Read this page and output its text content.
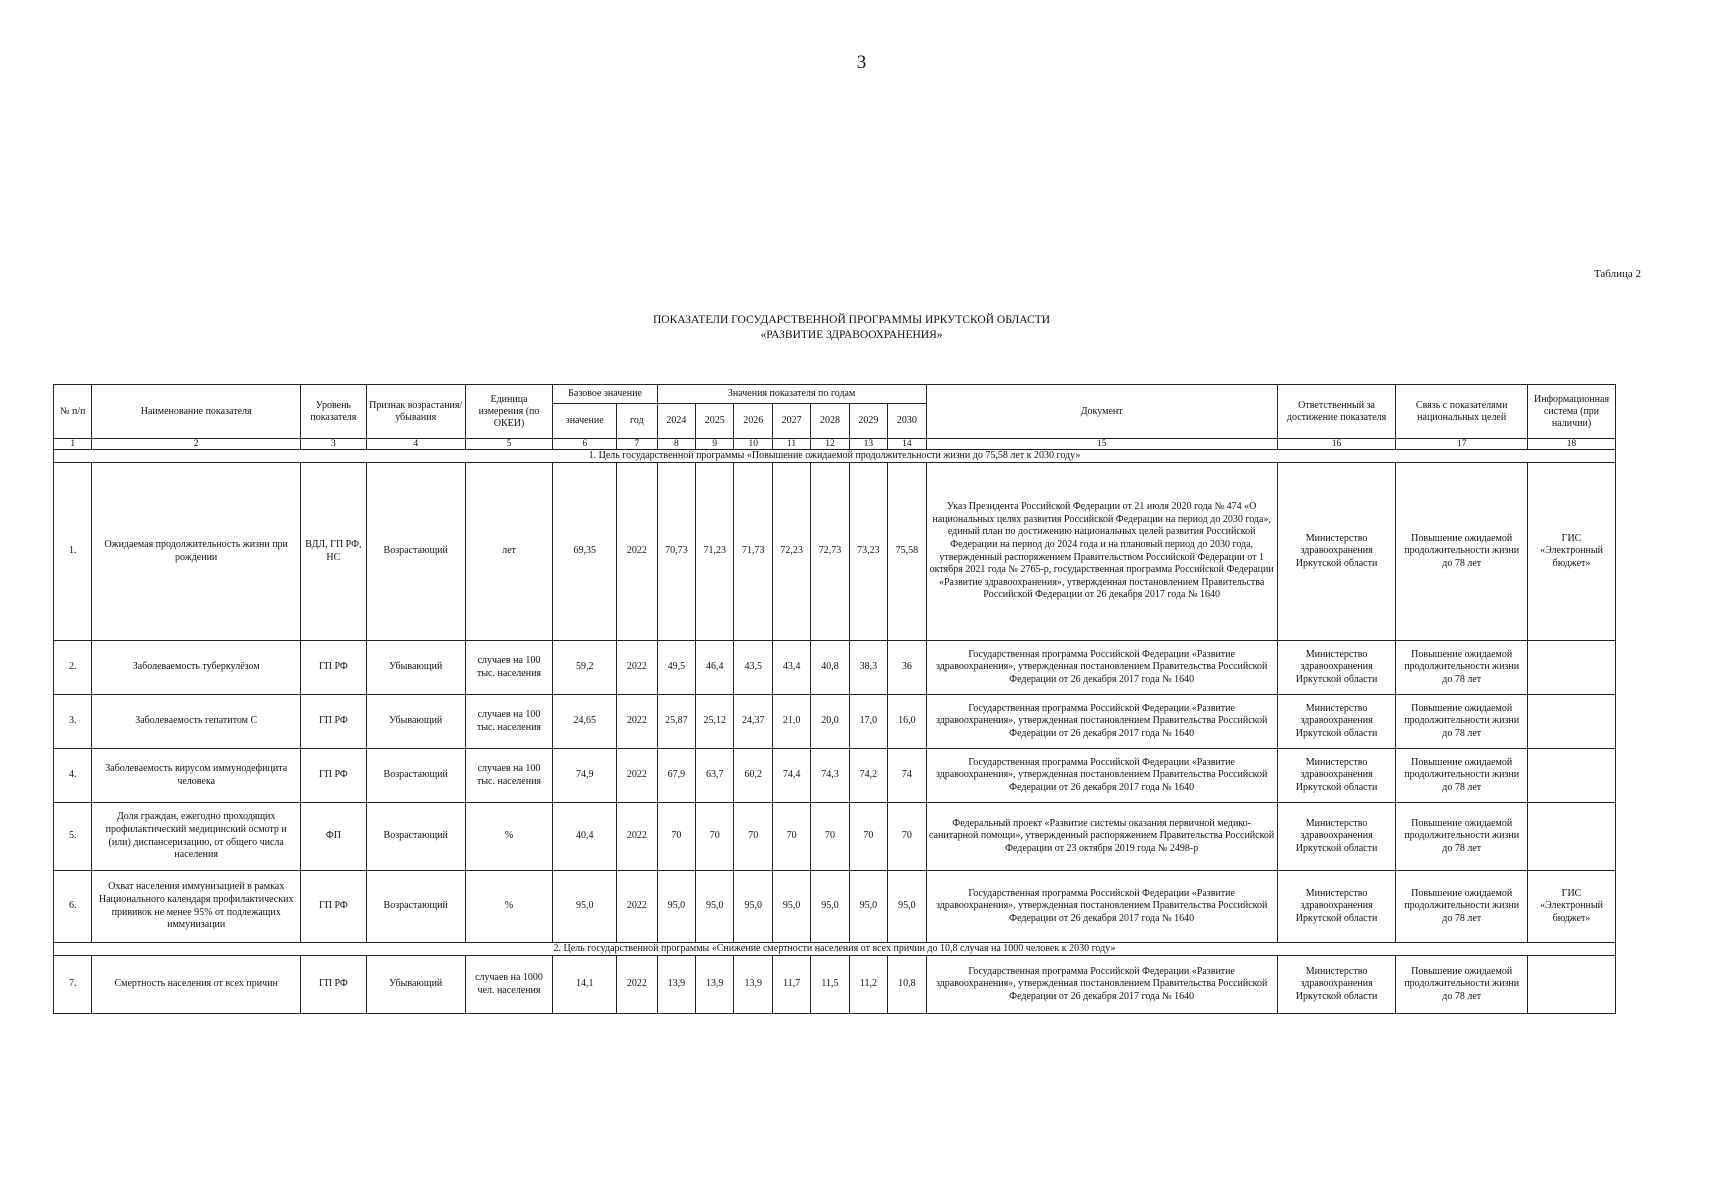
3
Таблица 2
ПОКАЗАТЕЛИ ГОСУДАРСТВЕННОЙ ПРОГРАММЫ ИРКУТСКОЙ ОБЛАСТИ
«РАЗВИТИЕ ЗДРАВООХРАНЕНИЯ»
№ п/п	Наименование показателя	Уровень показателя	Признак возрастания/ убывания	Единица измерения (по ОКЕИ)	Базовое значение		Значения показателя по годам							Документ	Ответственный за достижение показателя	Связь с показателями национальных целей	Информационная система (при наличии)
					значение	год	2024	2025	2026	2027	2028	2029	2030				
1	2	3	4	5	6	7	8	9	10	11	12	13	14	15	16	17	18
1. Цель государственной программы «Повышение ожидаемой продолжительности жизни до 75,58 лет к 2030 году»																	
1.	Ожидаемая продолжительность жизни при рождении	ВДЛ, ГП РФ, НС	Возрастающий	лет	69,35	2022	70,73	71,23	71,73	72,23	72,73	73,23	75,58	Указ Президента Российской Федерации от 21 июля 2020 года № 474 «О национальных целях развития Российской Федерации на период до 2030 года», единый план по достижению национальных целей развития Российской Федерации на период до 2024 года и на плановый период до 2030 года, утвержденный распоряжением Правительством Российской Федерации от 1 октября 2021 года № 2765-р, государственная программа Российской Федерации «Развитие здравоохранения», утвержденная постановлением Правительства Российской Федерации от 26 декабря 2017 года № 1640	Министерство здравоохранения Иркутской области	Повышение ожидаемой продолжительности жизни до 78 лет	ГИС «Электронный бюджет»
2.	Заболеваемость туберкулёзом	ГП РФ	Убывающий	случаев на 100 тыс. населения	59,2	2022	49,5	46,4	43,5	43,4	40,8	38,3	36	Государственная программа Российской Федерации «Развитие здравоохранения», утвержденная постановлением Правительства Российской Федерации от 26 декабря 2017 года № 1640	Министерство здравоохранения Иркутской области	Повышение ожидаемой продолжительности жизни до 78 лет	
3.	Заболеваемость гепатитом С	ГП РФ	Убывающий	случаев на 100 тыс. населения	24,65	2022	25,87	25,12	24,37	21,0	20,0	17,0	16,0	Государственная программа Российской Федерации «Развитие здравоохранения», утвержденная постановлением Правительства Российской Федерации от 26 декабря 2017 года № 1640	Министерство здравоохранения Иркутской области	Повышение ожидаемой продолжительности жизни до 78 лет	
4.	Заболеваемость вирусом иммунодефицита человека	ГП РФ	Возрастающий	случаев на 100 тыс. населения	74,9	2022	67,9	63,7	60,2	74,4	74,3	74,2	74	Государственная программа Российской Федерации «Развитие здравоохранения», утвержденная постановлением Правительства Российской Федерации от 26 декабря 2017 года № 1640	Министерство здравоохранения Иркутской области	Повышение ожидаемой продолжительности жизни до 78 лет	
5.	Доля граждан, ежегодно проходящих профилактический медицинский осмотр и (или) диспансеризацию, от общего числа населения	ФП	Возрастающий	%	40,4	2022	70	70	70	70	70	70	70	Федеральный проект «Развитие системы оказания первичной медико-санитарной помощи», утвержденный распоряжением Правительства Российской Федерации от 23 октября 2019 года № 2498-р	Министерство здравоохранения Иркутской области	Повышение ожидаемой продолжительности жизни до 78 лет	
6.	Охват населения иммунизацией в рамках Национального календаря профилактических прививок не менее 95% от подлежащих иммунизации	ГП РФ	Возрастающий	%	95,0	2022	95,0	95,0	95,0	95,0	95,0	95,0	95,0	Государственная программа Российской Федерации «Развитие здравоохранения», утвержденная постановлением Правительства Российской Федерации от 26 декабря 2017 года № 1640	Министерство здравоохранения Иркутской области	Повышение ожидаемой продолжительности жизни до 78 лет	ГИС «Электронный бюджет»
2. Цель государственной программы «Снижение смертности населения от всех причин до 10,8 случая на 1000 человек к 2030 году»																	
7.	Смертность населения от всех причин	ГП РФ	Убывающий	случаев на 1000 чел. населения	14,1	2022	13,9	13,9	13,9	11,7	11,5	11,2	10,8	Государственная программа Российской Федерации «Развитие здравоохранения», утвержденная постановлением Правительства Российской Федерации от 26 декабря 2017 года № 1640	Министерство здравоохранения Иркутской области	Повышение ожидаемой продолжительности жизни до 78 лет	
